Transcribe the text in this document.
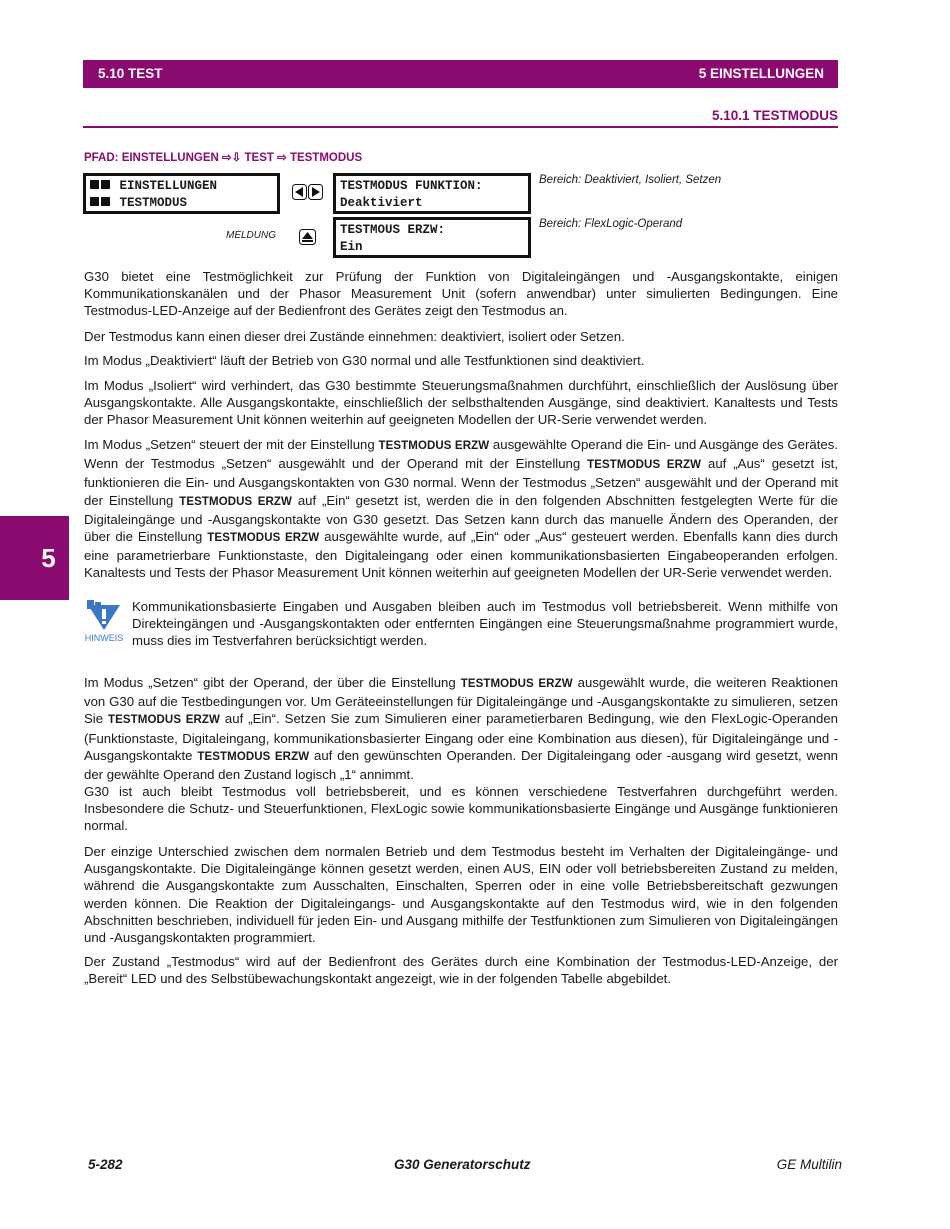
5.10 TEST	5 EINSTELLUNGEN
5.10.1 TESTMODUS
PFAD: EINSTELLUNGEN ⇨⇩ TEST ⇨ TESTMODUS
EINSTELLUNGEN
TESTMODUS
TESTMODUS FUNKTION:
Deaktiviert
Bereich: Deaktiviert, Isoliert, Setzen
MELDUNG	TESTMOUS ERZW:
Ein
Bereich: FlexLogic-Operand

G30 bietet eine Testmöglichkeit zur Prüfung der Funktion von Digitaleingängen und -Ausgangskontakte, einigen Kommunikationskanälen und der Phasor Measurement Unit (sofern anwendbar) unter simulierten Bedingungen. Eine Testmodus-LED-Anzeige auf der Bedienfront des Gerätes zeigt den Testmodus an.

Der Testmodus kann einen dieser drei Zustände einnehmen: deaktiviert, isoliert oder Setzen.

Im Modus „Deaktiviert“ läuft der Betrieb von G30 normal und alle Testfunktionen sind deaktiviert.

Im Modus „Isoliert“ wird verhindert, das G30 bestimmte Steuerungsmaßnahmen durchführt, einschließlich der Auslösung über Ausgangskontakte. Alle Ausgangskontakte, einschließlich der selbsthaltenden Ausgänge, sind deaktiviert. Kanaltests und Tests der Phasor Measurement Unit können weiterhin auf geeigneten Modellen der UR-Serie verwendet werden.

Im Modus „Setzen“ steuert der mit der Einstellung TESTMODUS ERZW ausgewählte Operand die Ein- und Ausgänge des Gerätes. Wenn der Testmodus „Setzen“ ausgewählt und der Operand mit der Einstellung TESTMODUS ERZW auf „Aus“ gesetzt ist, funktionieren die Ein- und Ausgangskontakten von G30 normal. Wenn der Testmodus „Setzen“ ausgewählt und der Operand mit der Einstellung TESTMODUS ERZW auf „Ein“ gesetzt ist, werden die in den folgenden Abschnitten festgelegten Werte für die Digitaleingänge und -Ausgangskontakte von G30 gesetzt. Das Setzen kann durch das manuelle Ändern des Operanden, der über die Einstellung TESTMODUS ERZW ausgewählte wurde, auf „Ein“ oder „Aus“ gesteuert werden. Ebenfalls kann dies durch eine parametrierbare Funktionstaste, den Digitaleingang oder einen kommunikationsbasierten Eingabeoperanden erfolgen. Kanaltests und Tests der Phasor Measurement Unit können weiterhin auf geeigneten Modellen der UR-Serie verwendet werden.

5
HINWEIS

Kommunikationsbasierte Eingaben und Ausgaben bleiben auch im Testmodus voll betriebsbereit. Wenn mithilfe von Direkteingängen und -Ausgangskontakten oder entfernten Eingängen eine Steuerungsmaßnahme programmiert wurde, muss dies im Testverfahren berücksichtigt werden.

Im Modus „Setzen“ gibt der Operand, der über die Einstellung TESTMODUS ERZW ausgewählt wurde, die weiteren Reaktionen von G30 auf die Testbedingungen vor. Um Geräteeinstellungen für Digitaleingänge und -Ausgangskontakte zu simulieren, setzen Sie TESTMODUS ERZW auf „Ein“. Setzen Sie zum Simulieren einer parametierbaren Bedingung, wie den FlexLogic-Operanden (Funktionstaste, Digitaleingang, kommunikationsbasierter Eingang oder eine Kombination aus diesen), für Digitaleingänge und -Ausgangskontakte TESTMODUS ERZW auf den gewünschten Operanden. Der Digitaleingang oder -ausgang wird gesetzt, wenn der gewählte Operand den Zustand logisch „1“ annimmt.

G30 ist auch bleibt Testmodus voll betriebsbereit, und es können verschiedene Testverfahren durchgeführt werden. Insbesondere die Schutz- und Steuerfunktionen, FlexLogic sowie kommunikationsbasierte Eingänge und Ausgänge funktionieren normal.

Der einzige Unterschied zwischen dem normalen Betrieb und dem Testmodus besteht im Verhalten der Digitaleingänge- und Ausgangskontakte. Die Digitaleingänge können gesetzt werden, einen AUS, EIN oder voll betriebsbereiten Zustand zu melden, während die Ausgangskontakte zum Ausschalten, Einschalten, Sperren oder in eine volle Betriebsbereitschaft gezwungen werden können. Die Reaktion der Digitaleingangs- und Ausgangskontakte auf den Testmodus wird, wie in den folgenden Abschnitten beschrieben, individuell für jeden Ein- und Ausgang mithilfe der Testfunktionen zum Simulieren von Digitaleingängen und -Ausgangskontakten programmiert.

Der Zustand „Testmodus“ wird auf der Bedienfront des Gerätes durch eine Kombination der Testmodus-LED-Anzeige, der „Bereit“ LED und des Selbstübewachungskontakt angezeigt, wie in der folgenden Tabelle abgebildet.

5-282	G30 Generatorschutz	GE Multilin
